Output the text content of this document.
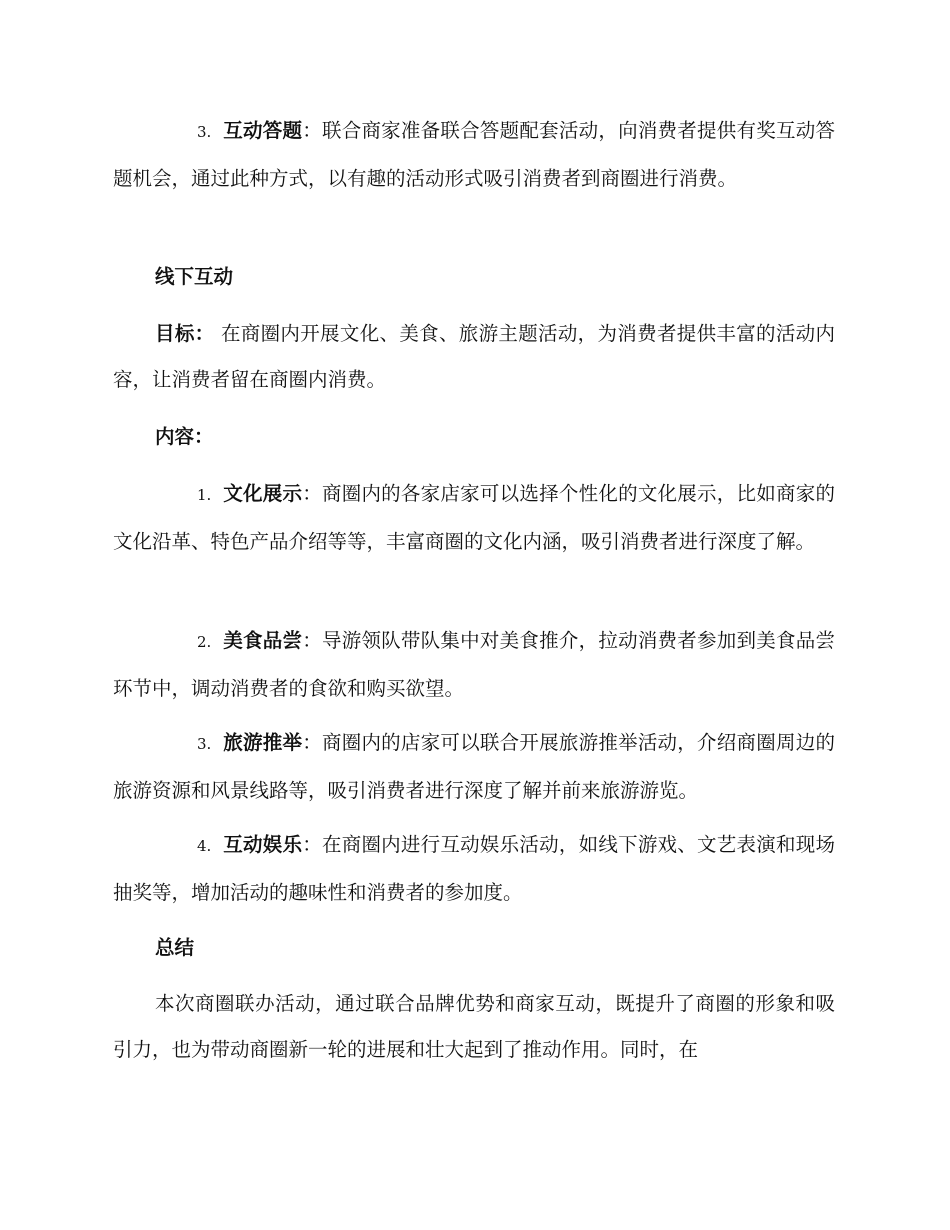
3. 互动答题：联合商家准备联合答题配套活动，向消费者提供有奖互动答题机会，通过此种方式，以有趣的活动形式吸引消费者到商圈进行消费。

线下互动

目标： 在商圈内开展文化、美食、旅游主题活动，为消费者提供丰富的活动内容，让消费者留在商圈内消费。

内容：

1. 文化展示：商圈内的各家店家可以选择个性化的文化展示，比如商家的文化沿革、特色产品介绍等等，丰富商圈的文化内涵，吸引消费者进行深度了解。

2. 美食品尝：导游领队带队集中对美食推介，拉动消费者参加到美食品尝环节中，调动消费者的食欲和购买欲望。

3. 旅游推举：商圈内的店家可以联合开展旅游推举活动，介绍商圈周边的旅游资源和风景线路等，吸引消费者进行深度了解并前来旅游游览。

4. 互动娱乐：在商圈内进行互动娱乐活动，如线下游戏、文艺表演和现场抽奖等，增加活动的趣味性和消费者的参加度。

总结

本次商圈联办活动，通过联合品牌优势和商家互动，既提升了商圈的形象和吸引力，也为带动商圈新一轮的进展和壮大起到了推动作用。同时，在
